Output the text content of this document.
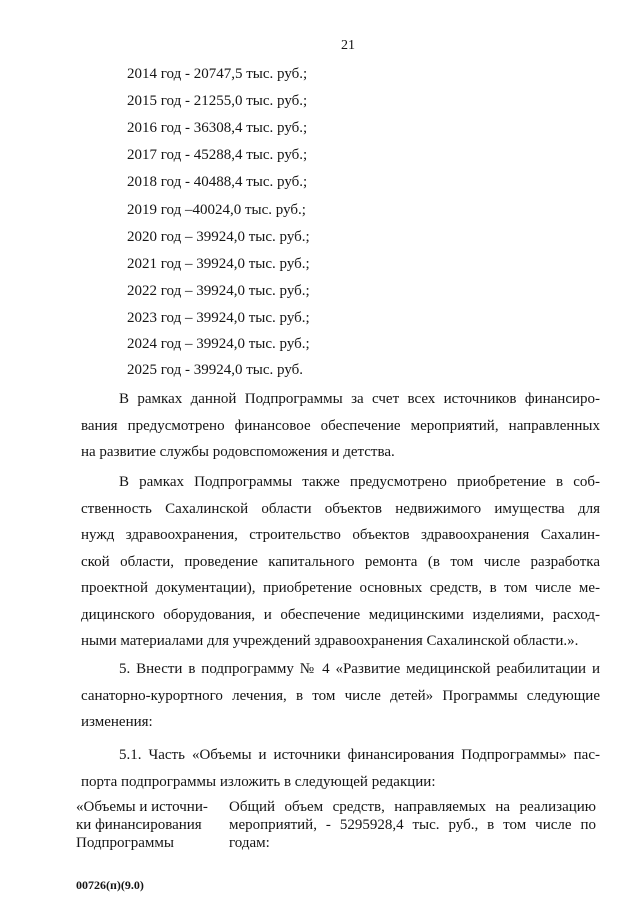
21
2014 год - 20747,5 тыс. руб.;
2015 год - 21255,0 тыс. руб.;
2016 год - 36308,4 тыс. руб.;
2017 год - 45288,4 тыс. руб.;
2018 год - 40488,4 тыс. руб.;
2019 год –40024,0 тыс. руб.;
2020 год – 39924,0 тыс. руб.;
2021 год – 39924,0 тыс. руб.;
2022 год – 39924,0 тыс. руб.;
2023 год – 39924,0 тыс. руб.;
2024 год – 39924,0 тыс. руб.;
2025 год - 39924,0 тыс. руб.
В рамках данной Подпрограммы за счет всех источников финансиро-
вания предусмотрено финансовое обеспечение мероприятий, направленных
на развитие службы родовспоможения и детства.
В рамках Подпрограммы также предусмотрено приобретение в соб-
ственность Сахалинской области объектов недвижимого имущества для
нужд здравоохранения, строительство объектов здравоохранения Сахалин-
ской области, проведение капитального ремонта (в том числе разработка
проектной документации), приобретение основных средств, в том числе ме-
дицинского оборудования, и обеспечение медицинскими изделиями, расход-
ными материалами для учреждений здравоохранения Сахалинской области.».
5. Внести в подпрограмму № 4 «Развитие медицинской реабилитации и
санаторно-курортного лечения, в том числе детей» Программы следующие
изменения:
5.1. Часть «Объемы и источники финансирования Подпрограммы» пас-
порта подпрограммы изложить в следующей редакции:
«Объемы и источни-
ки финансирования
Подпрограммы
Общий объем средств, направляемых на реализацию
мероприятий, - 5295928,4 тыс. руб., в том числе по
годам:
00726(п)(9.0)
